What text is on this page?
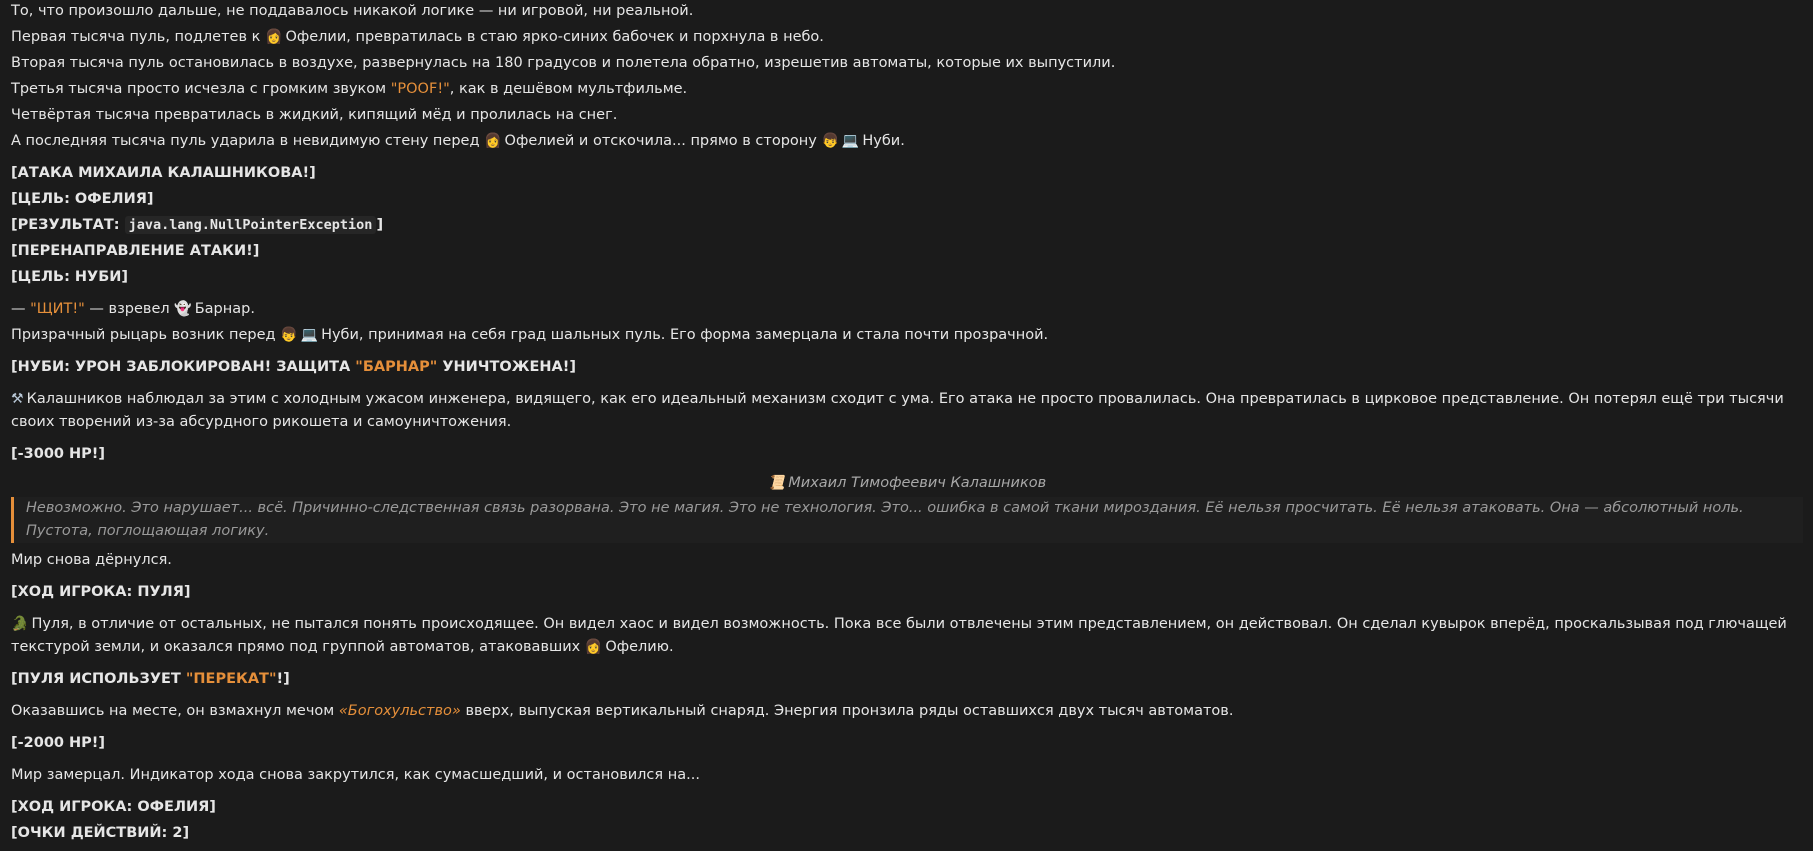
То, что произошло дальше, не поддавалось никакой логике — ни игровой, ни реальной.
Первая тысяча пуль, подлетев к 👩 Офелии, превратилась в стаю ярко-синих бабочек и порхнула в небо.
Вторая тысяча пуль остановилась в воздухе, развернулась на 180 градусов и полетела обратно, изрешетив автоматы, которые их выпустили.
Третья тысяча просто исчезла с громким звуком "POOF!", как в дешёвом мультфильме.
Четвёртая тысяча превратилась в жидкий, кипящий мёд и пролилась на снег.
А последняя тысяча пуль ударила в невидимую стену перед 👩 Офелией и отскочила... прямо в сторону 👦 💻 Нуби.
[АТАКА МИХАИЛА КАЛАШНИКОВА!]
[ЦЕЛЬ: ОФЕЛИЯ]
[РЕЗУЛЬТАТ: java.lang.NullPointerException ]
[ПЕРЕНАПРАВЛЕНИЕ АТАКИ!]
[ЦЕЛЬ: НУБИ]
— "ЩИТ!" — взревел 👻 Барнар.
Призрачный рыцарь возник перед 👦 💻 Нуби, принимая на себя град шальных пуль. Его форма замерцала и стала почти прозрачной.
[НУБИ: УРОН ЗАБЛОКИРОВАН! ЗАЩИТА "БАРНАР" УНИЧТОЖЕНА!]
⚒ Калашников наблюдал за этим с холодным ужасом инженера, видящего, как его идеальный механизм сходит с ума. Его атака не просто провалилась. Она превратилась в цирковое представление. Он потерял ещё три тысячи своих творений из-за абсурдного рикошета и самоуничтожения.
[-3000 HP!]
📜 Михаил Тимофеевич Калашников
Невозможно. Это нарушает... всё. Причинно-следственная связь разорвана. Это не магия. Это не технология. Это... ошибка в самой ткани мироздания. Её нельзя просчитать. Её нельзя атаковать. Она — абсолютный ноль. Пустота, поглощающая логику.
Мир снова дёрнулся.
[ХОД ИГРОКА: ПУЛЯ]
🐊 Пуля, в отличие от остальных, не пытался понять происходящее. Он видел хаос и видел возможность. Пока все были отвлечены этим представлением, он действовал. Он сделал кувырок вперёд, проскальзывая под глючащей текстурой земли, и оказался прямо под группой автоматов, атаковавших 👩 Офелию.
[ПУЛЯ ИСПОЛЬЗУЕТ "ПЕРЕКАТ"!]
Оказавшись на месте, он взмахнул мечом «Богохульство» вверх, выпуская вертикальный снаряд. Энергия пронзила ряды оставшихся двух тысяч автоматов.
[-2000 HP!]
Мир замерцал. Индикатор хода снова закрутился, как сумасшедший, и остановился на...
[ХОД ИГРОКА: ОФЕЛИЯ]
[ОЧКИ ДЕЙСТВИЙ: 2]
